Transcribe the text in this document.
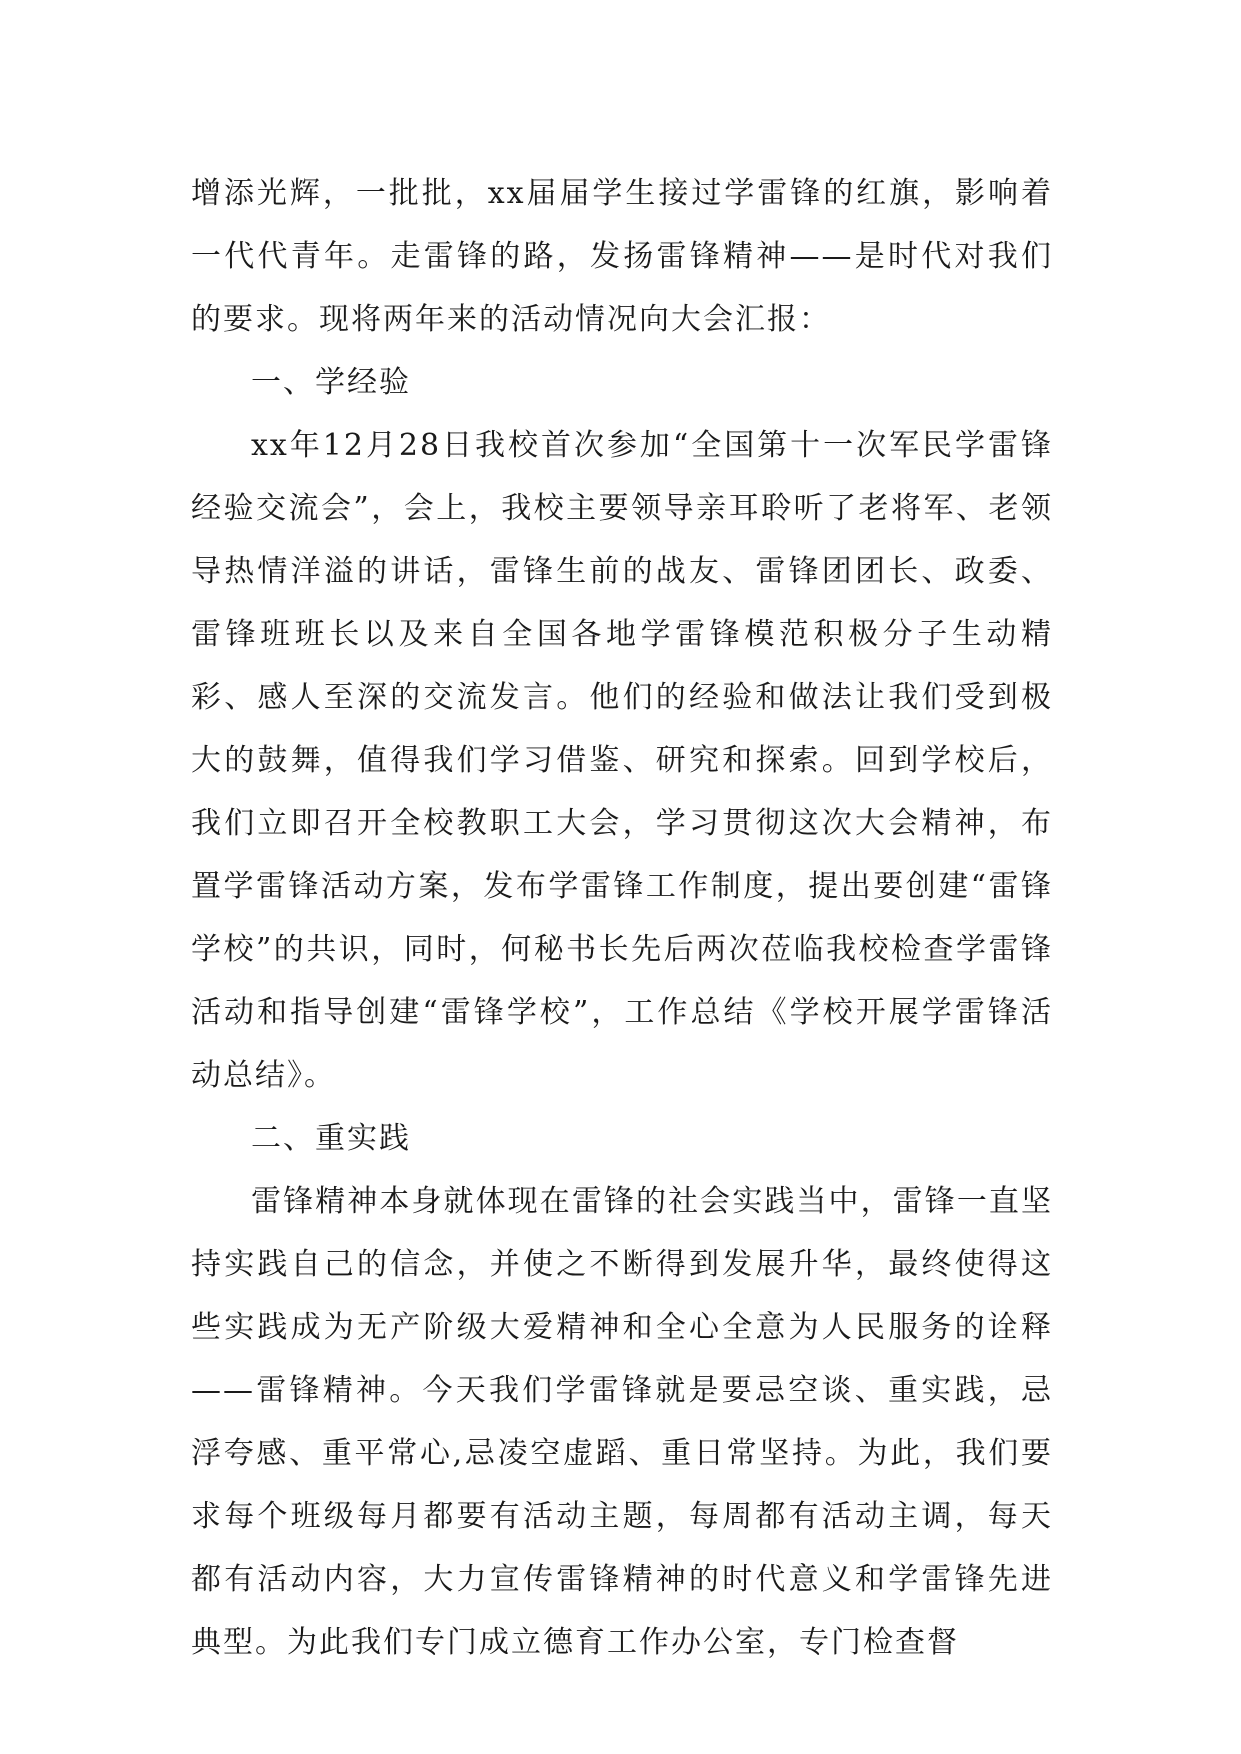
增添光辉，一批批，xx届届学生接过学雷锋的红旗，影响着一代代青年。走雷锋的路，发扬雷锋精神——是时代对我们的要求。现将两年来的活动情况向大会汇报：

一、学经验

xx年12月28日我校首次参加“全国第十一次军民学雷锋经验交流会”，会上，我校主要领导亲耳聆听了老将军、老领导热情洋溢的讲话，雷锋生前的战友、雷锋团团长、政委、雷锋班班长以及来自全国各地学雷锋模范积极分子生动精彩、感人至深的交流发言。他们的经验和做法让我们受到极大的鼓舞，值得我们学习借鉴、研究和探索。回到学校后，我们立即召开全校教职工大会，学习贯彻这次大会精神，布置学雷锋活动方案，发布学雷锋工作制度，提出要创建“雷锋学校”的共识，同时，何秘书长先后两次莅临我校检查学雷锋活动和指导创建“雷锋学校”，工作总结《学校开展学雷锋活动总结》。

二、重实践

雷锋精神本身就体现在雷锋的社会实践当中，雷锋一直坚持实践自己的信念，并使之不断得到发展升华，最终使得这些实践成为无产阶级大爱精神和全心全意为人民服务的诠释——雷锋精神。今天我们学雷锋就是要忌空谈、重实践，忌浮夸感、重平常心,忌凌空虚蹈、重日常坚持。为此，我们要求每个班级每月都要有活动主题，每周都有活动主调，每天都有活动内容，大力宣传雷锋精神的时代意义和学雷锋先进典型。为此我们专门成立德育工作办公室，专门检查督
